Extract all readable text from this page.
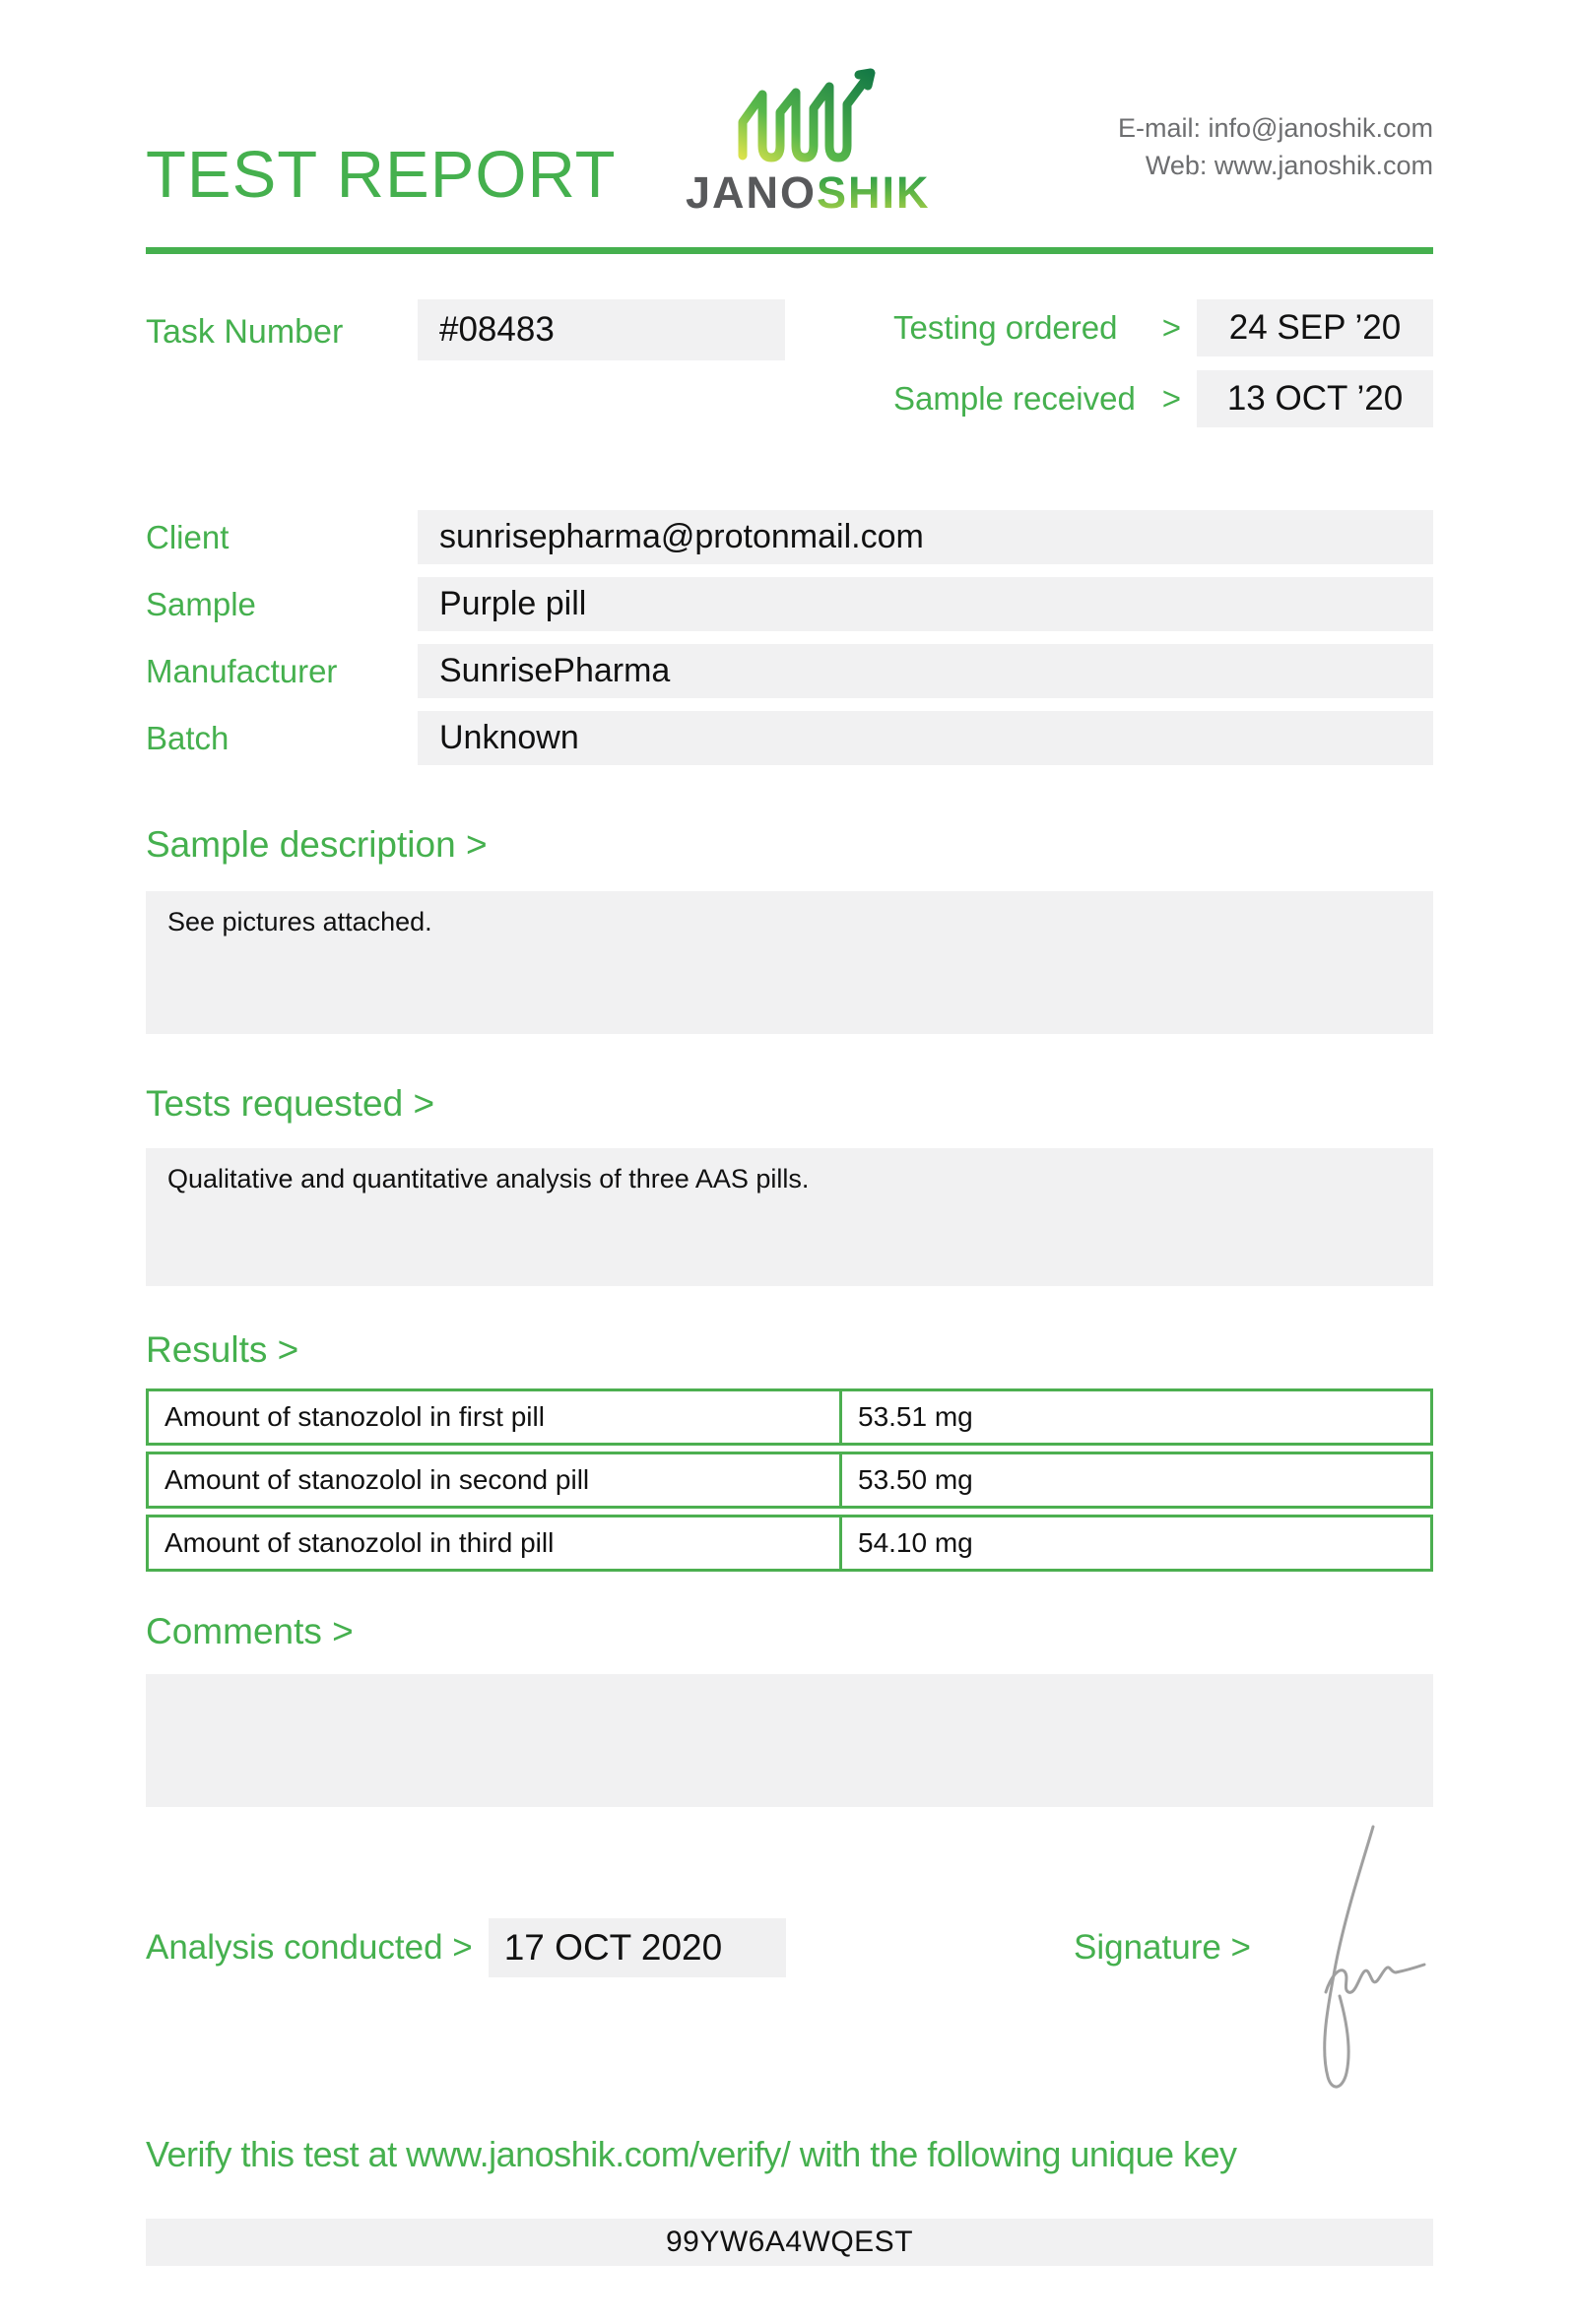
TEST REPORT JANOSHIK
E-mail: info@janoshik.com
Web: www.janoshik.com
Task Number	#08483	Testing ordered	>	24 SEP ’20
Sample received >	13 OCT ’20
Client	sunrisepharma@protonmail.com
Sample	Purple pill
Manufacturer	SunrisePharma
Batch	Unknown
Sample description >
See pictures attached.
Tests requested >
Qualitative and quantitative analysis of three AAS pills.
Results >
Amount of stanozolol in first pill	53.51 mg
Amount of stanozolol in second pill	53.50 mg
Amount of stanozolol in third pill	54.10 mg
Comments >
Analysis conducted > 17 OCT 2020	Signature >
Verify this test at www.janoshik.com/verify/ with the following unique key
99YW6A4WQEST
